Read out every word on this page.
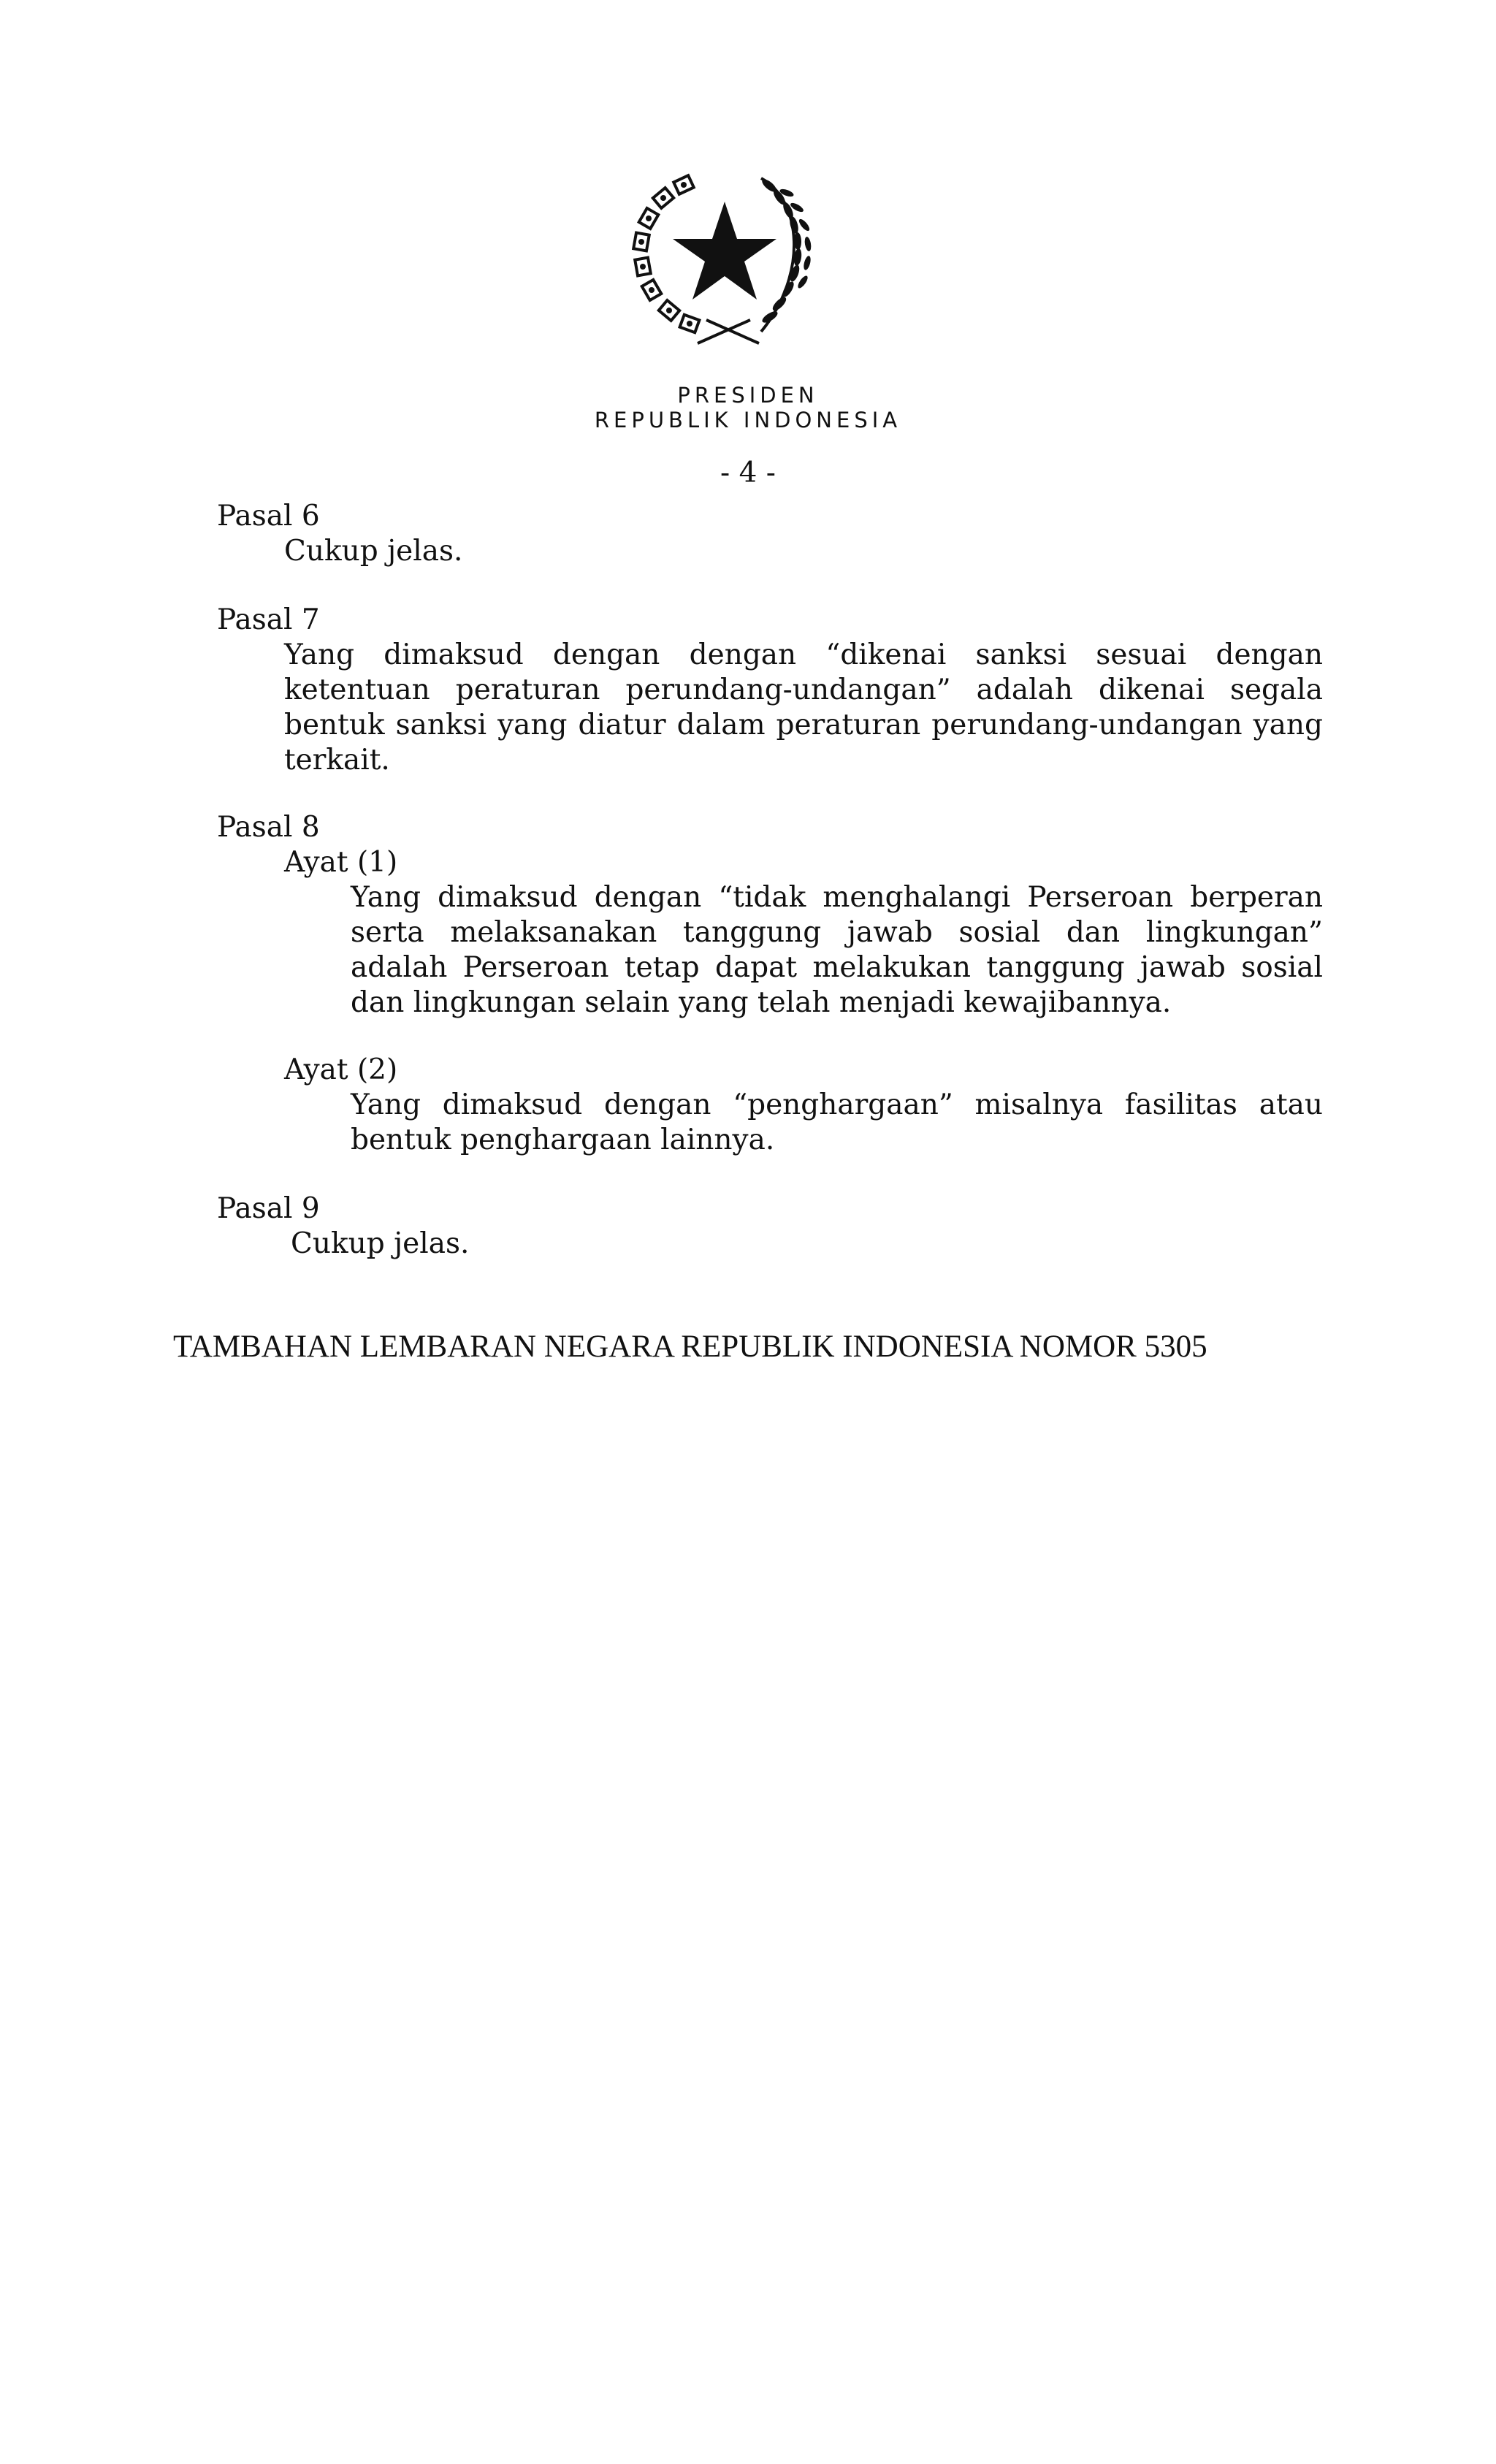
PRESIDEN
REPUBLIK INDONESIA
- 4 -

Pasal 6

Cukup jelas.

Pasal 7

Yang dimaksud dengan dengan “dikenai sanksi sesuai dengan ketentuan peraturan perundang-undangan” adalah dikenai segala bentuk sanksi yang diatur dalam peraturan perundang-undangan yang terkait.

Pasal 8

Ayat (1)

Yang dimaksud dengan “tidak menghalangi Perseroan berperan serta melaksanakan tanggung jawab sosial dan lingkungan” adalah Perseroan tetap dapat melakukan tanggung jawab sosial dan lingkungan selain yang telah menjadi kewajibannya.

Ayat (2)

Yang dimaksud dengan “penghargaan” misalnya fasilitas atau bentuk penghargaan lainnya.

Pasal 9

Cukup jelas.

TAMBAHAN LEMBARAN NEGARA REPUBLIK INDONESIA NOMOR 5305
